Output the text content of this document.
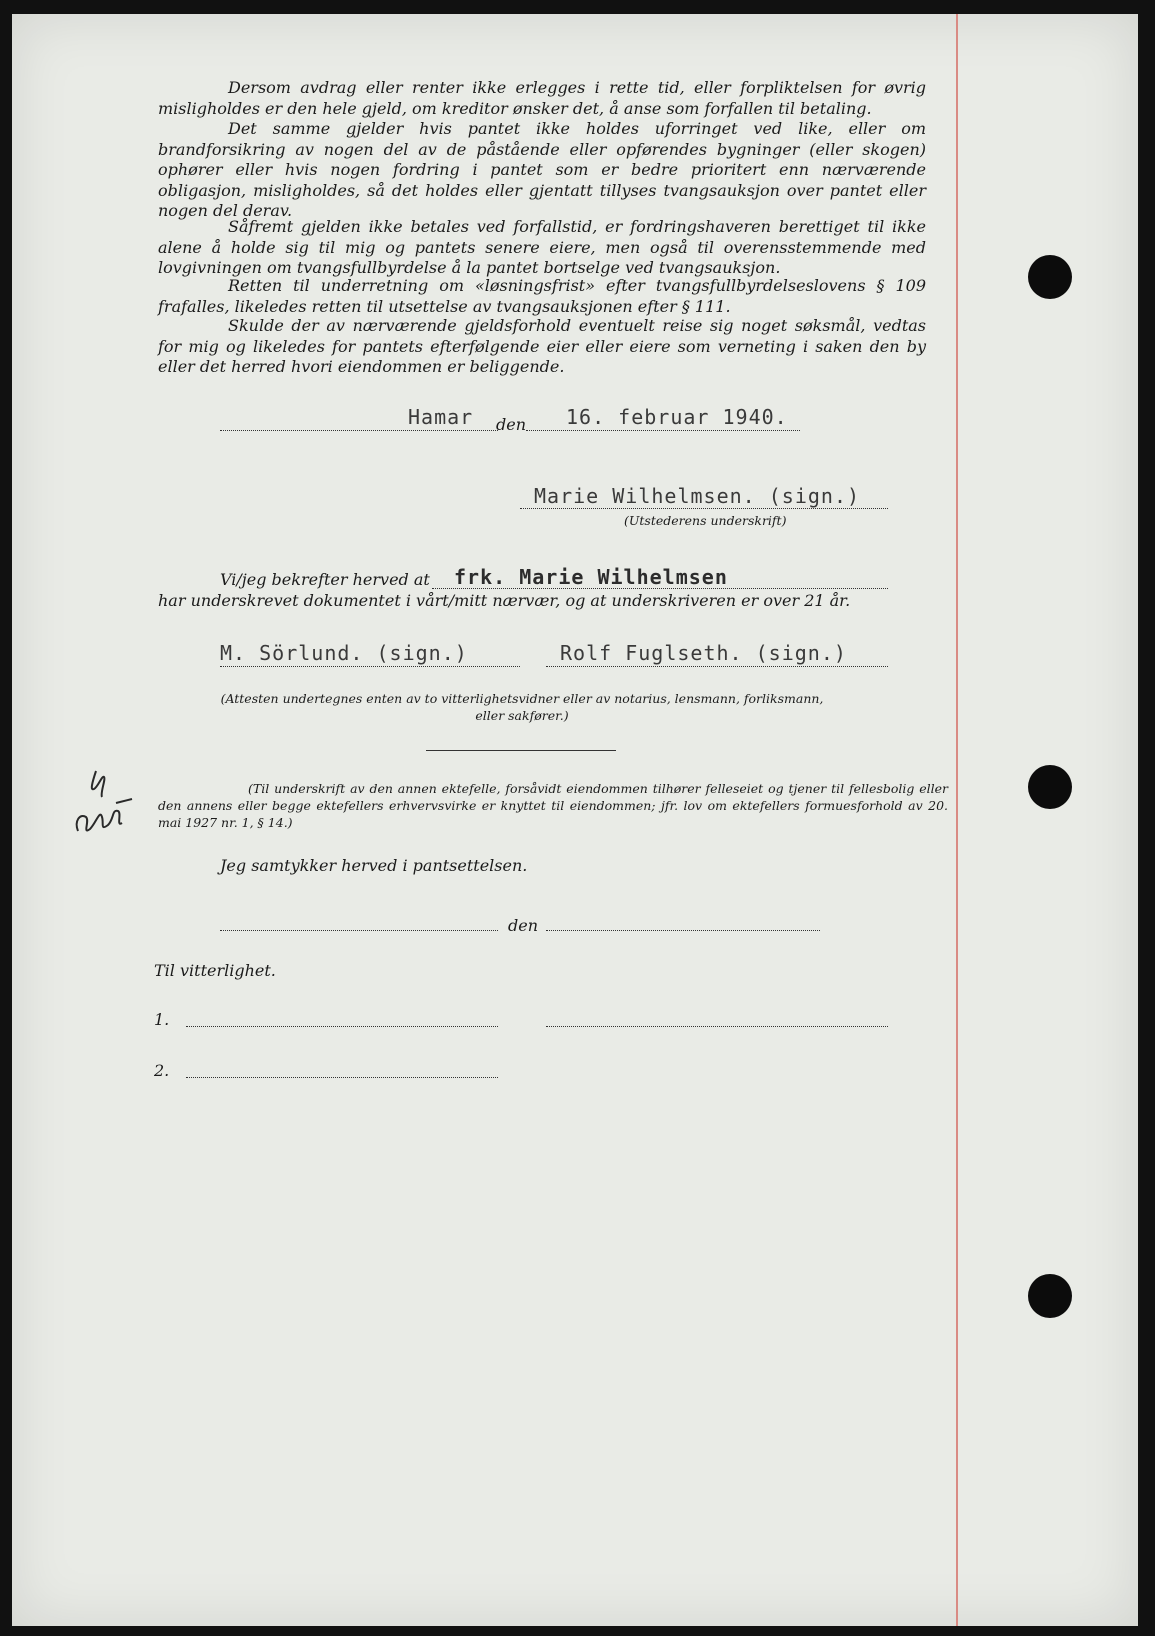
Dersom avdrag eller renter ikke erlegges i rette tid, eller forpliktelsen for øvrig misligholdes er den hele gjeld, om kreditor ønsker det, å anse som forfallen til betaling.

Det samme gjelder hvis pantet ikke holdes uforringet ved like, eller om brandforsikring av nogen del av de påstående eller opførendes bygninger (eller skogen) ophører eller hvis nogen fordring i pantet som er bedre prioritert enn nærværende obligasjon, misligholdes, så det holdes eller gjentatt tillyses tvangsauksjon over pantet eller nogen del derav.

Såfremt gjelden ikke betales ved forfallstid, er fordringshaveren berettiget til ikke alene å holde sig til mig og pantets senere eiere, men også til overensstemmende med lovgivningen om tvangsfullbyrdelse å la pantet bortselge ved tvangsauksjon.

Retten til underretning om «løsningsfrist» efter tvangsfullbyrdelseslovens § 109 frafalles, likeledes retten til utsettelse av tvangsauksjonen efter § 111.

Skulde der av nærværende gjeldsforhold eventuelt reise sig noget søksmål, vedtas for mig og likeledes for pantets efterfølgende eier eller eiere som verneting i saken den by eller det herred hvori eiendommen er beliggende.

Hamar den 16. februar 1940.
Marie Wilhelmsen. (sign.)
(Utstederens underskrift)
Vi/jeg bekrefter herved at frk. Marie Wilhelmsen
har underskrevet dokumentet i vårt/mitt nærvær, og at underskriveren er over 21 år.
M. Sörlund. (sign.)	Rolf Fuglseth. (sign.)

(Attesten undertegnes enten av to vitterlighetsvidner eller av notarius, lensmann, forliksmann,
eller sakfører.)

(Til underskrift av den annen ektefelle, forsåvidt eiendommen tilhører felleseiet og tjener til fellesbolig eller den annens eller begge ektefellers erhvervsvirke er knyttet til eiendommen; jfr. lov om ektefellers formuesforhold av 20. mai 1927 nr. 1, § 14.)

Jeg samtykker herved i pantsettelsen.
den
Til vitterlighet.
1.
2.
